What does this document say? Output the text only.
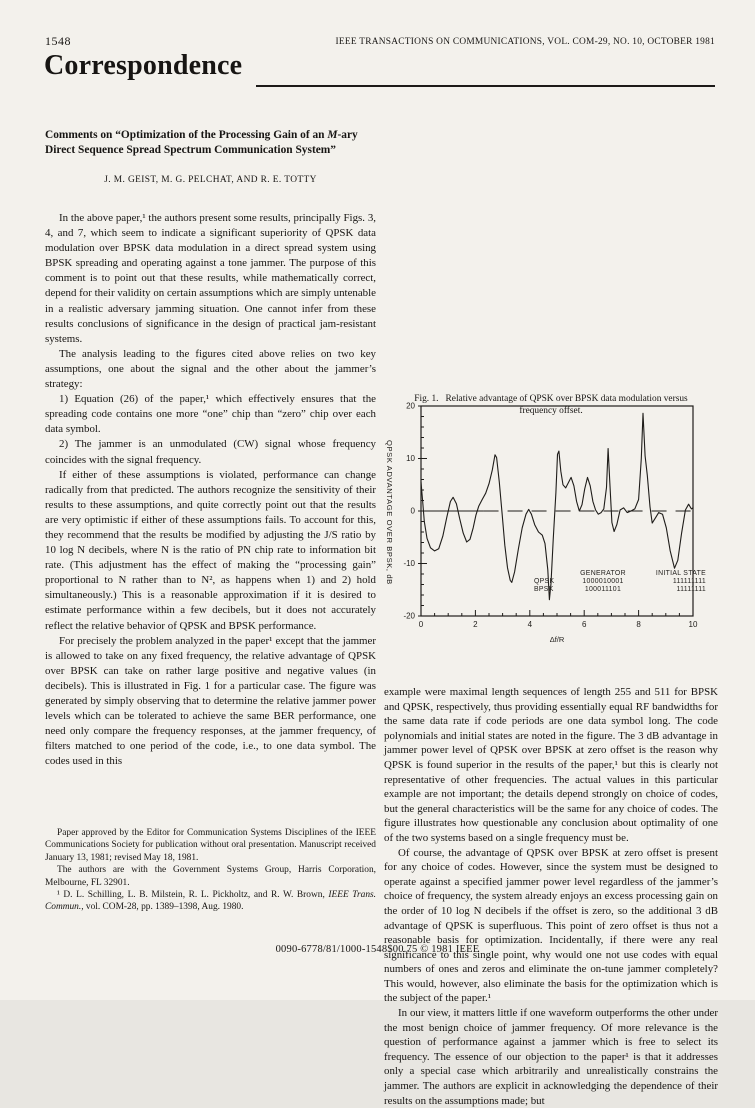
1548	IEEE TRANSACTIONS ON COMMUNICATIONS, VOL. COM-29, NO. 10, OCTOBER 1981
Correspondence
Comments on “Optimization of the Processing Gain of an M-ary Direct Sequence Spread Spectrum Communication System”
J. M. GEIST, M. G. PELCHAT, AND R. E. TOTTY

In the above paper,¹ the authors present some results, principally Figs. 3, 4, and 7, which seem to indicate a significant superiority of QPSK data modulation over BPSK data modulation in a direct spread system using BPSK spreading and operating against a tone jammer. The purpose of this comment is to point out that these results, while mathematically correct, depend for their validity on certain assumptions which are simply untenable in a realistic adversary jamming situation. One cannot infer from these results conclusions of significance in the design of practical jam-resistant systems.

The analysis leading to the figures cited above relies on two key assumptions, one about the signal and the other about the jammer’s strategy:

1) Equation (26) of the paper,¹ which effectively ensures that the spreading code contains one more “one” chip than “zero” chip over each data symbol.

2) The jammer is an unmodulated (CW) signal whose frequency coincides with the signal frequency.

If either of these assumptions is violated, performance can change radically from that predicted. The authors recognize the sensitivity of their results to these assumptions, and quite correctly point out that the results are very optimistic if either of these assumptions fails. To account for this, they recommend that the results be modified by adjusting the J/S ratio by 10 log N decibels, where N is the ratio of PN chip rate to information bit rate. (This adjustment has the effect of making the “processing gain” proportional to N rather than to N², as happens when 1) and 2) hold simultaneously.) This is a reasonable approximation if it is desired to estimate performance within a few decibels, but it does not accurately reflect the relative behavior of QPSK and BPSK performance.

For precisely the problem analyzed in the paper¹ except that the jammer is allowed to take on any fixed frequency, the relative advantage of QPSK over BPSK can take on rather large positive and negative values (in decibels). This is illustrated in Fig. 1 for a particular case. The figure was generated by simply observing that to determine the relative jammer power levels which can be tolerated to achieve the same BER performance, one need only compare the frequency responses, at the jammer frequency, of filters matched to one period of the code, i.e., to one data symbol. The codes used in this

Paper approved by the Editor for Communication Systems Disciplines of the IEEE Communications Society for publication without oral presentation. Manuscript received January 13, 1981; revised May 18, 1981.

The authors are with the Government Systems Group, Harris Corporation, Melbourne, FL 32901.

¹ D. L. Schilling, L. B. Milstein, R. L. Pickholtz, and R. W. Brown, IEEE Trans. Commun., vol. COM-28, pp. 1389–1398, Aug. 1980.

0	2	4	6	8	10
-20
-10
0
10
20
Δf/R
QPSK ADVANTAGE OVER BPSK, dB	GENERATOR	INITIAL STATE
QPSK	1000010001	111111111
BPSK	100011101	11111111
Fig. 1. Relative advantage of QPSK over BPSK data modulation versus frequency offset.

example were maximal length sequences of length 255 and 511 for BPSK and QPSK, respectively, thus providing essentially equal RF bandwidths for the same data rate if code periods are one data symbol long. The code polynomials and initial states are noted in the figure. The 3 dB advantage in jammer power level of QPSK over BPSK at zero offset is the reason why QPSK is found superior in the results of the paper,¹ but this is clearly not representative of other frequencies. The actual values in this particular example are not important; the details depend strongly on choice of codes, but the general characteristics will be the same for any choice of codes. The figure illustrates how questionable any conclusion about optimality of one of the two systems based on a single frequency must be.

Of course, the advantage of QPSK over BPSK at zero offset is present for any choice of codes. However, since the system must be designed to operate against a specified jammer power level regardless of the jammer’s choice of frequency, the system already enjoys an excess processing gain on the order of 10 log N decibels if the offset is zero, so the additional 3 dB advantage of QPSK is superfluous. This point of zero offset is thus not a reasonable basis for optimization. Incidentally, if there were any real significance to this single point, why would one not use codes with equal numbers of ones and zeros and eliminate the on-tune jammer completely? This would, however, also eliminate the basis for the optimization which is the subject of the paper.¹

In our view, it matters little if one waveform outperforms the other under the most benign choice of jammer frequency. Of more relevance is the question of performance against a jammer which is free to select its frequency. The essence of our objection to the paper¹ is that it addresses only a special case which arbitrarily and unrealistically constrains the jammer. The authors are explicit in acknowledging the dependence of their results on the assumptions made; but

0090-6778/81/1000-1548$00.75 © 1981 IEEE
